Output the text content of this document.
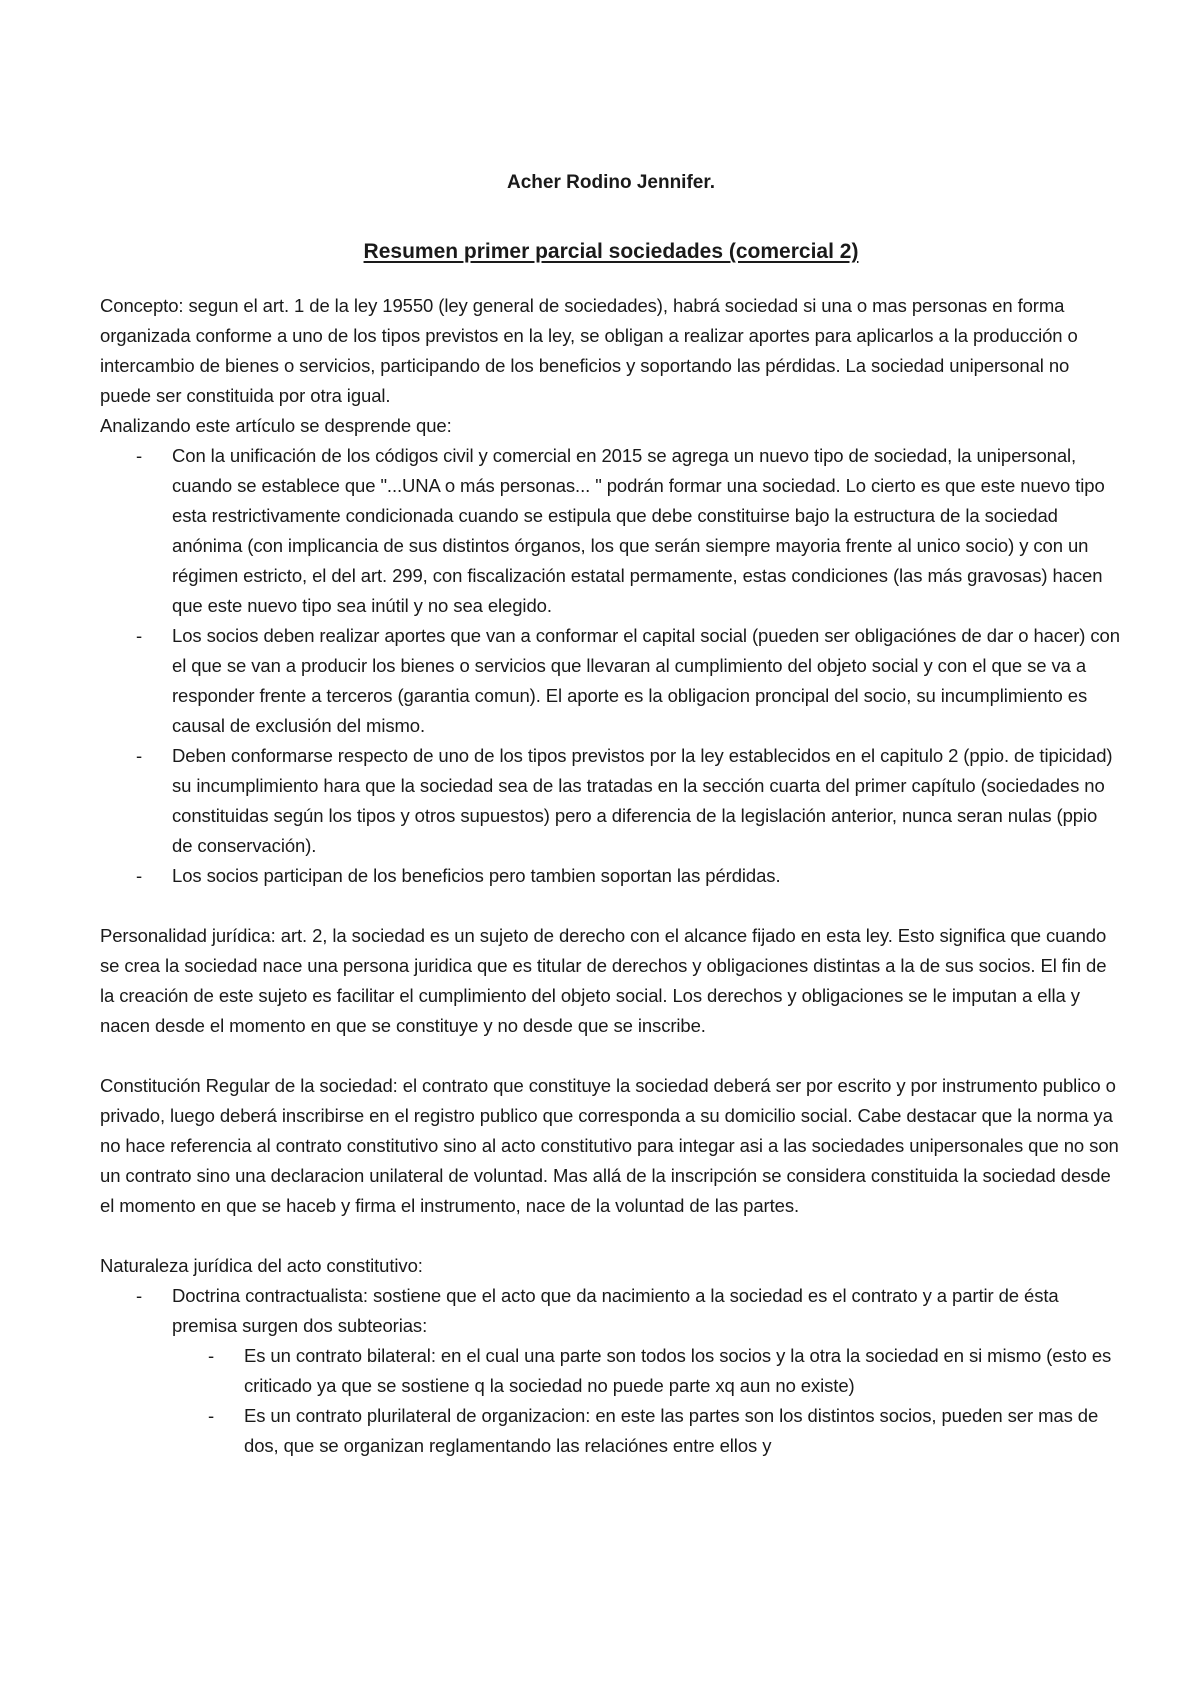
Acher Rodino Jennifer.
Resumen primer parcial sociedades (comercial 2)

Concepto: segun el art. 1 de la ley 19550 (ley general de sociedades), habrá sociedad si una o mas personas en forma organizada conforme a uno de los tipos previstos en la ley, se obligan a realizar aportes para aplicarlos a la producción o intercambio de bienes o servicios, participando de los beneficios y soportando las pérdidas. La sociedad unipersonal no puede ser constituida por otra igual.

Analizando este artículo se desprende que:

- Con la unificación de los códigos civil y comercial en 2015 se agrega un nuevo tipo de sociedad, la unipersonal, cuando se establece que "...UNA o más personas... " podrán formar una sociedad. Lo cierto es que este nuevo tipo esta restrictivamente condicionada cuando se estipula que debe constituirse bajo la estructura de la sociedad anónima (con implicancia de sus distintos órganos, los que serán siempre mayoria frente al unico socio) y con un régimen estricto, el del art. 299, con fiscalización estatal permamente, estas condiciones (las más gravosas) hacen que este nuevo tipo sea inútil y no sea elegido.
- Los socios deben realizar aportes que van a conformar el capital social (pueden ser obligaciónes de dar o hacer) con el que se van a producir los bienes o servicios que llevaran al cumplimiento del objeto social y con el que se va a responder frente a terceros (garantia comun). El aporte es la obligacion proncipal del socio, su incumplimiento es causal de exclusión del mismo.
- Deben conformarse respecto de uno de los tipos previstos por la ley establecidos en el capitulo 2 (ppio. de tipicidad) su incumplimiento hara que la sociedad sea de las tratadas en la sección cuarta del primer capítulo (sociedades no constituidas según los tipos y otros supuestos) pero a diferencia de la legislación anterior, nunca seran nulas (ppio de conservación).
- Los socios participan de los beneficios pero tambien soportan las pérdidas.

Personalidad jurídica: art. 2, la sociedad es un sujeto de derecho con el alcance fijado en esta ley. Esto significa que cuando se crea la sociedad nace una persona juridica que es titular de derechos y obligaciones distintas a la de sus socios. El fin de la creación de este sujeto es facilitar el cumplimiento del objeto social. Los derechos y obligaciones se le imputan a ella y nacen desde el momento en que se constituye y no desde que se inscribe.

Constitución Regular de la sociedad: el contrato que constituye la sociedad deberá ser por escrito y por instrumento publico o privado, luego deberá inscribirse en el registro publico que corresponda a su domicilio social. Cabe destacar que la norma ya no hace referencia al contrato constitutivo sino al acto constitutivo para integar asi a las sociedades unipersonales que no son un contrato sino una declaracion unilateral de voluntad. Mas allá de la inscripción se considera constituida la sociedad desde el momento en que se haceb y firma el instrumento, nace de la voluntad de las partes.

Naturaleza jurídica del acto constitutivo:

- Doctrina contractualista: sostiene que el acto que da nacimiento a la sociedad es el contrato y a partir de ésta premisa surgen dos subteorias:
- Es un contrato bilateral: en el cual una parte son todos los socios y la otra la sociedad en si mismo (esto es criticado ya que se sostiene q la sociedad no puede parte xq aun no existe)
- Es un contrato plurilateral de organizacion: en este las partes son los distintos socios, pueden ser mas de dos, que se organizan reglamentando las relaciónes entre ellos y
